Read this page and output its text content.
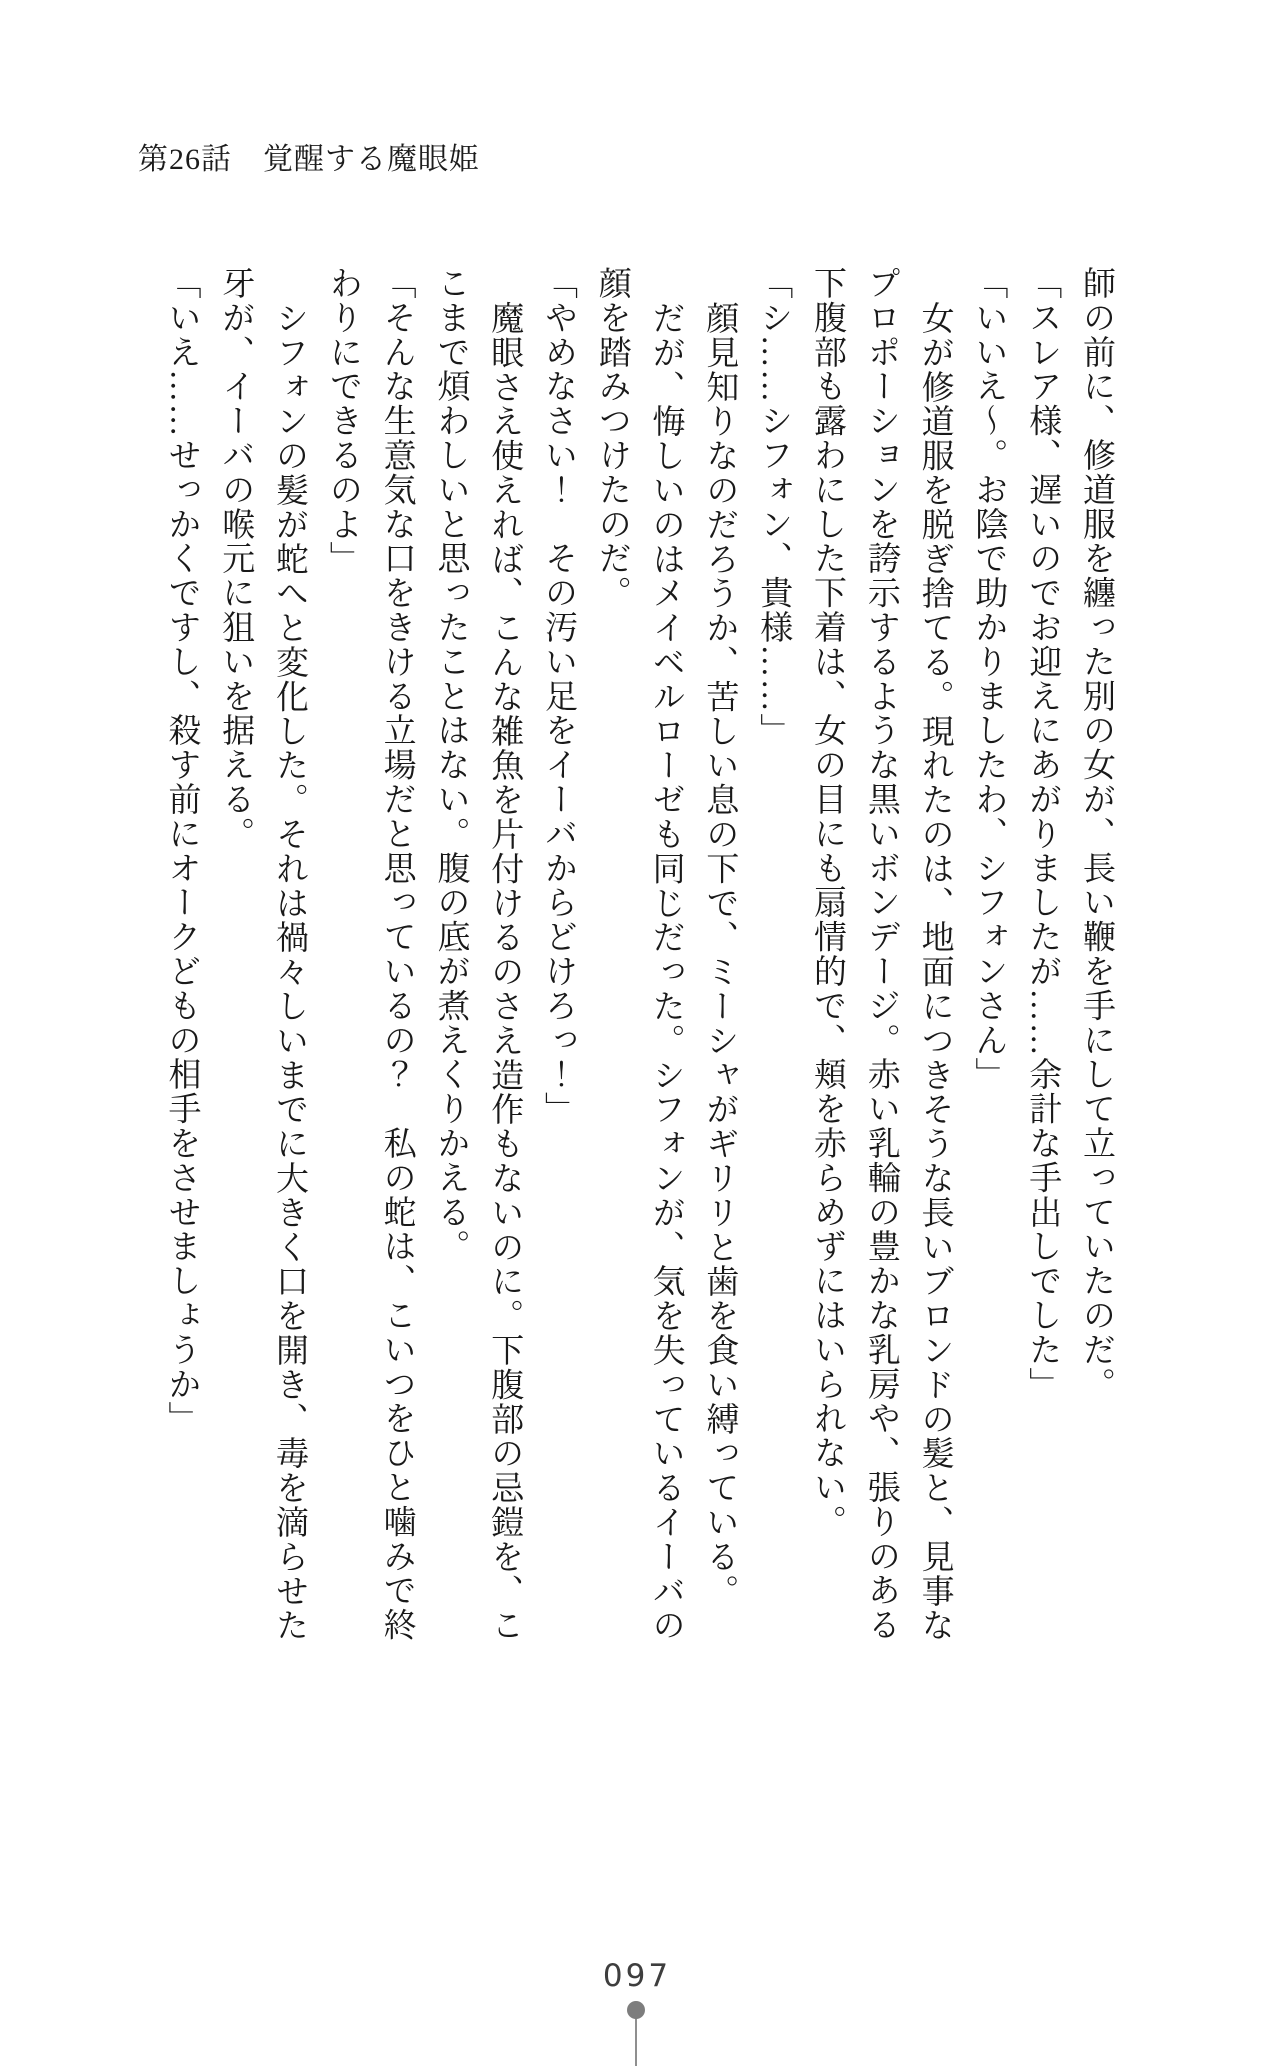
第26話　覚醒する魔眼姫

師の前に、修道服を纏った別の女が、長い鞭を手にして立っていたのだ。

「スレア様、遅いのでお迎えにあがりましたが……余計な手出しでした」

「いいえ～。お陰で助かりましたわ、シフォンさん」

女が修道服を脱ぎ捨てる。現れたのは、地面につきそうな長いブロンドの髪と、見事な

プロポーションを誇示するような黒いボンデージ。赤い乳輪の豊かな乳房や、張りのある

下腹部も露わにした下着は、女の目にも扇情的で、頬を赤らめずにはいられない。

「シ……シフォン、貴様……」

顔見知りなのだろうか、苦しい息の下で、ミーシャがギリリと歯を食い縛っている。

だが、悔しいのはメイベルローゼも同じだった。シフォンが、気を失っているイーバの

顔を踏みつけたのだ。

「やめなさい！　その汚い足をイーバからどけろっ！」

魔眼さえ使えれば、こんな雑魚を片付けるのさえ造作もないのに。下腹部の忌鎧を、こ

こまで煩わしいと思ったことはない。腹の底が煮えくりかえる。

「そんな生意気な口をきける立場だと思っているの？　私の蛇は、こいつをひと噛みで終

わりにできるのよ」

シフォンの髪が蛇へと変化した。それは禍々しいまでに大きく口を開き、毒を滴らせた

牙が、イーバの喉元に狙いを据える。

「いえ……せっかくですし、殺す前にオークどもの相手をさせましょうか」

097
